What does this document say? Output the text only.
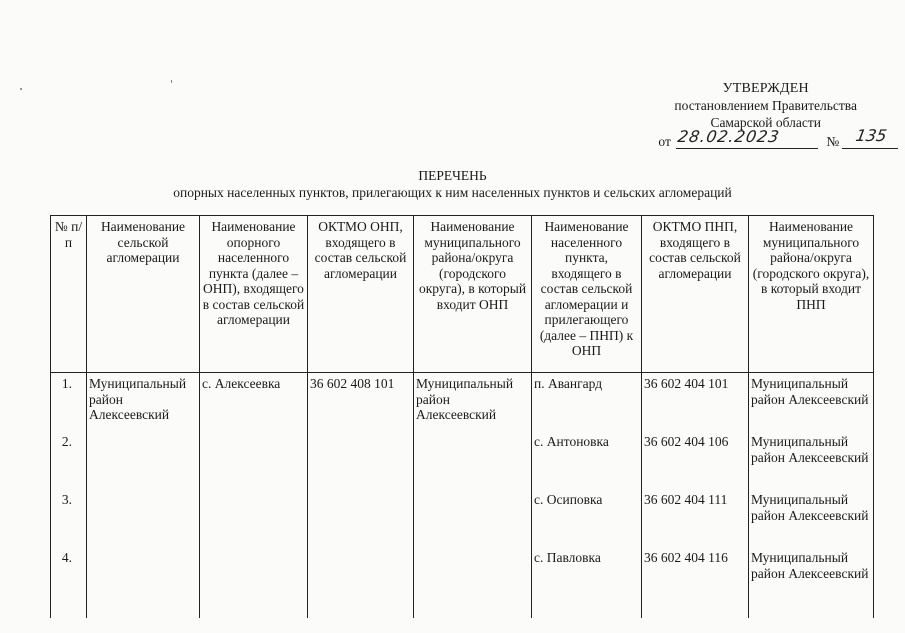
УТВЕРЖДЕН
постановлением Правительства
Самарской области
от 28.02.2023	№ 135
ПЕРЕЧЕНЬ
опорных населенных пунктов, прилегающих к ним населенных пунктов и сельских агломераций
№ п/п	Наименование сельской агломерации	Наименование опорного населенного пункта (далее – ОНП), входящего в состав сельской агломерации	ОКТМО ОНП, входящего в состав сельской агломерации	Наименование муниципального района/округа (городского округа), в который входит ОНП	Наименование населенного пункта, входящего в состав сельской агломерации и прилегающего (далее – ПНП) к ОНП	ОКТМО ПНП, входящего в состав сельской агломерации	Наименование муниципального района/округа (городского округа), в который входит ПНП
1.	Муниципальный район Алексеевский	с. Алексеевка	36 602 408 101	Муниципальный район Алексеевский	п. Авангард	36 602 404 101	Муниципальный район Алексеевский
2.					с. Антоновка	36 602 404 106	Муниципальный район Алексеевский
3.					с. Осиповка	36 602 404 111	Муниципальный район Алексеевский
4.					с. Павловка	36 602 404 116	Муниципальный район Алексеевский
